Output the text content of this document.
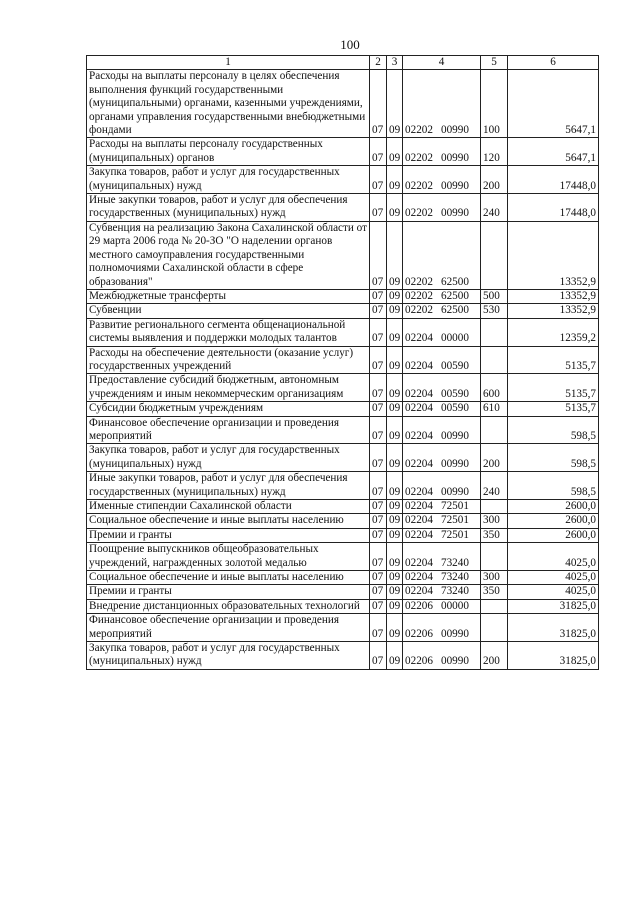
100
1	2	3	4	5	6
Расходы на выплаты персоналу в целях обеспечения выполнения функций государственными (муниципальными) органами, казенными учреждениями, органами управления государственными внебюджетными фондами	07	09	02202 00990	100	5647,1
Расходы на выплаты персоналу государственных (муниципальных) органов	07	09	02202 00990	120	5647,1
Закупка товаров, работ и услуг для государственных (муниципальных) нужд	07	09	02202 00990	200	17448,0
Иные закупки товаров, работ и услуг для обеспечения государственных (муниципальных) нужд	07	09	02202 00990	240	17448,0
Субвенция на реализацию Закона Сахалинской области от 29 марта 2006 года № 20-ЗО "О наделении органов местного самоуправления государственными полномочиями Сахалинской области в сфере образования"	07	09	02202 62500		13352,9
Межбюджетные трансферты	07	09	02202 62500	500	13352,9
Субвенции	07	09	02202 62500	530	13352,9
Развитие регионального сегмента общенациональной системы выявления и поддержки молодых талантов	07	09	02204 00000		12359,2
Расходы на обеспечение деятельности (оказание услуг) государственных учреждений	07	09	02204 00590		5135,7
Предоставление субсидий бюджетным, автономным учреждениям и иным некоммерческим организациям	07	09	02204 00590	600	5135,7
Субсидии бюджетным учреждениям	07	09	02204 00590	610	5135,7
Финансовое обеспечение организации и проведения мероприятий	07	09	02204 00990		598,5
Закупка товаров, работ и услуг для государственных (муниципальных) нужд	07	09	02204 00990	200	598,5
Иные закупки товаров, работ и услуг для обеспечения государственных (муниципальных) нужд	07	09	02204 00990	240	598,5
Именные стипендии Сахалинской области	07	09	02204 72501		2600,0
Социальное обеспечение и иные выплаты населению	07	09	02204 72501	300	2600,0
Премии и гранты	07	09	02204 72501	350	2600,0
Поощрение выпускников общеобразовательных учреждений, награжденных золотой медалью	07	09	02204 73240		4025,0
Социальное обеспечение и иные выплаты населению	07	09	02204 73240	300	4025,0
Премии и гранты	07	09	02204 73240	350	4025,0
Внедрение дистанционных образовательных технологий	07	09	02206 00000		31825,0
Финансовое обеспечение организации и проведения мероприятий	07	09	02206 00990		31825,0
Закупка товаров, работ и услуг для государственных (муниципальных) нужд	07	09	02206 00990	200	31825,0
